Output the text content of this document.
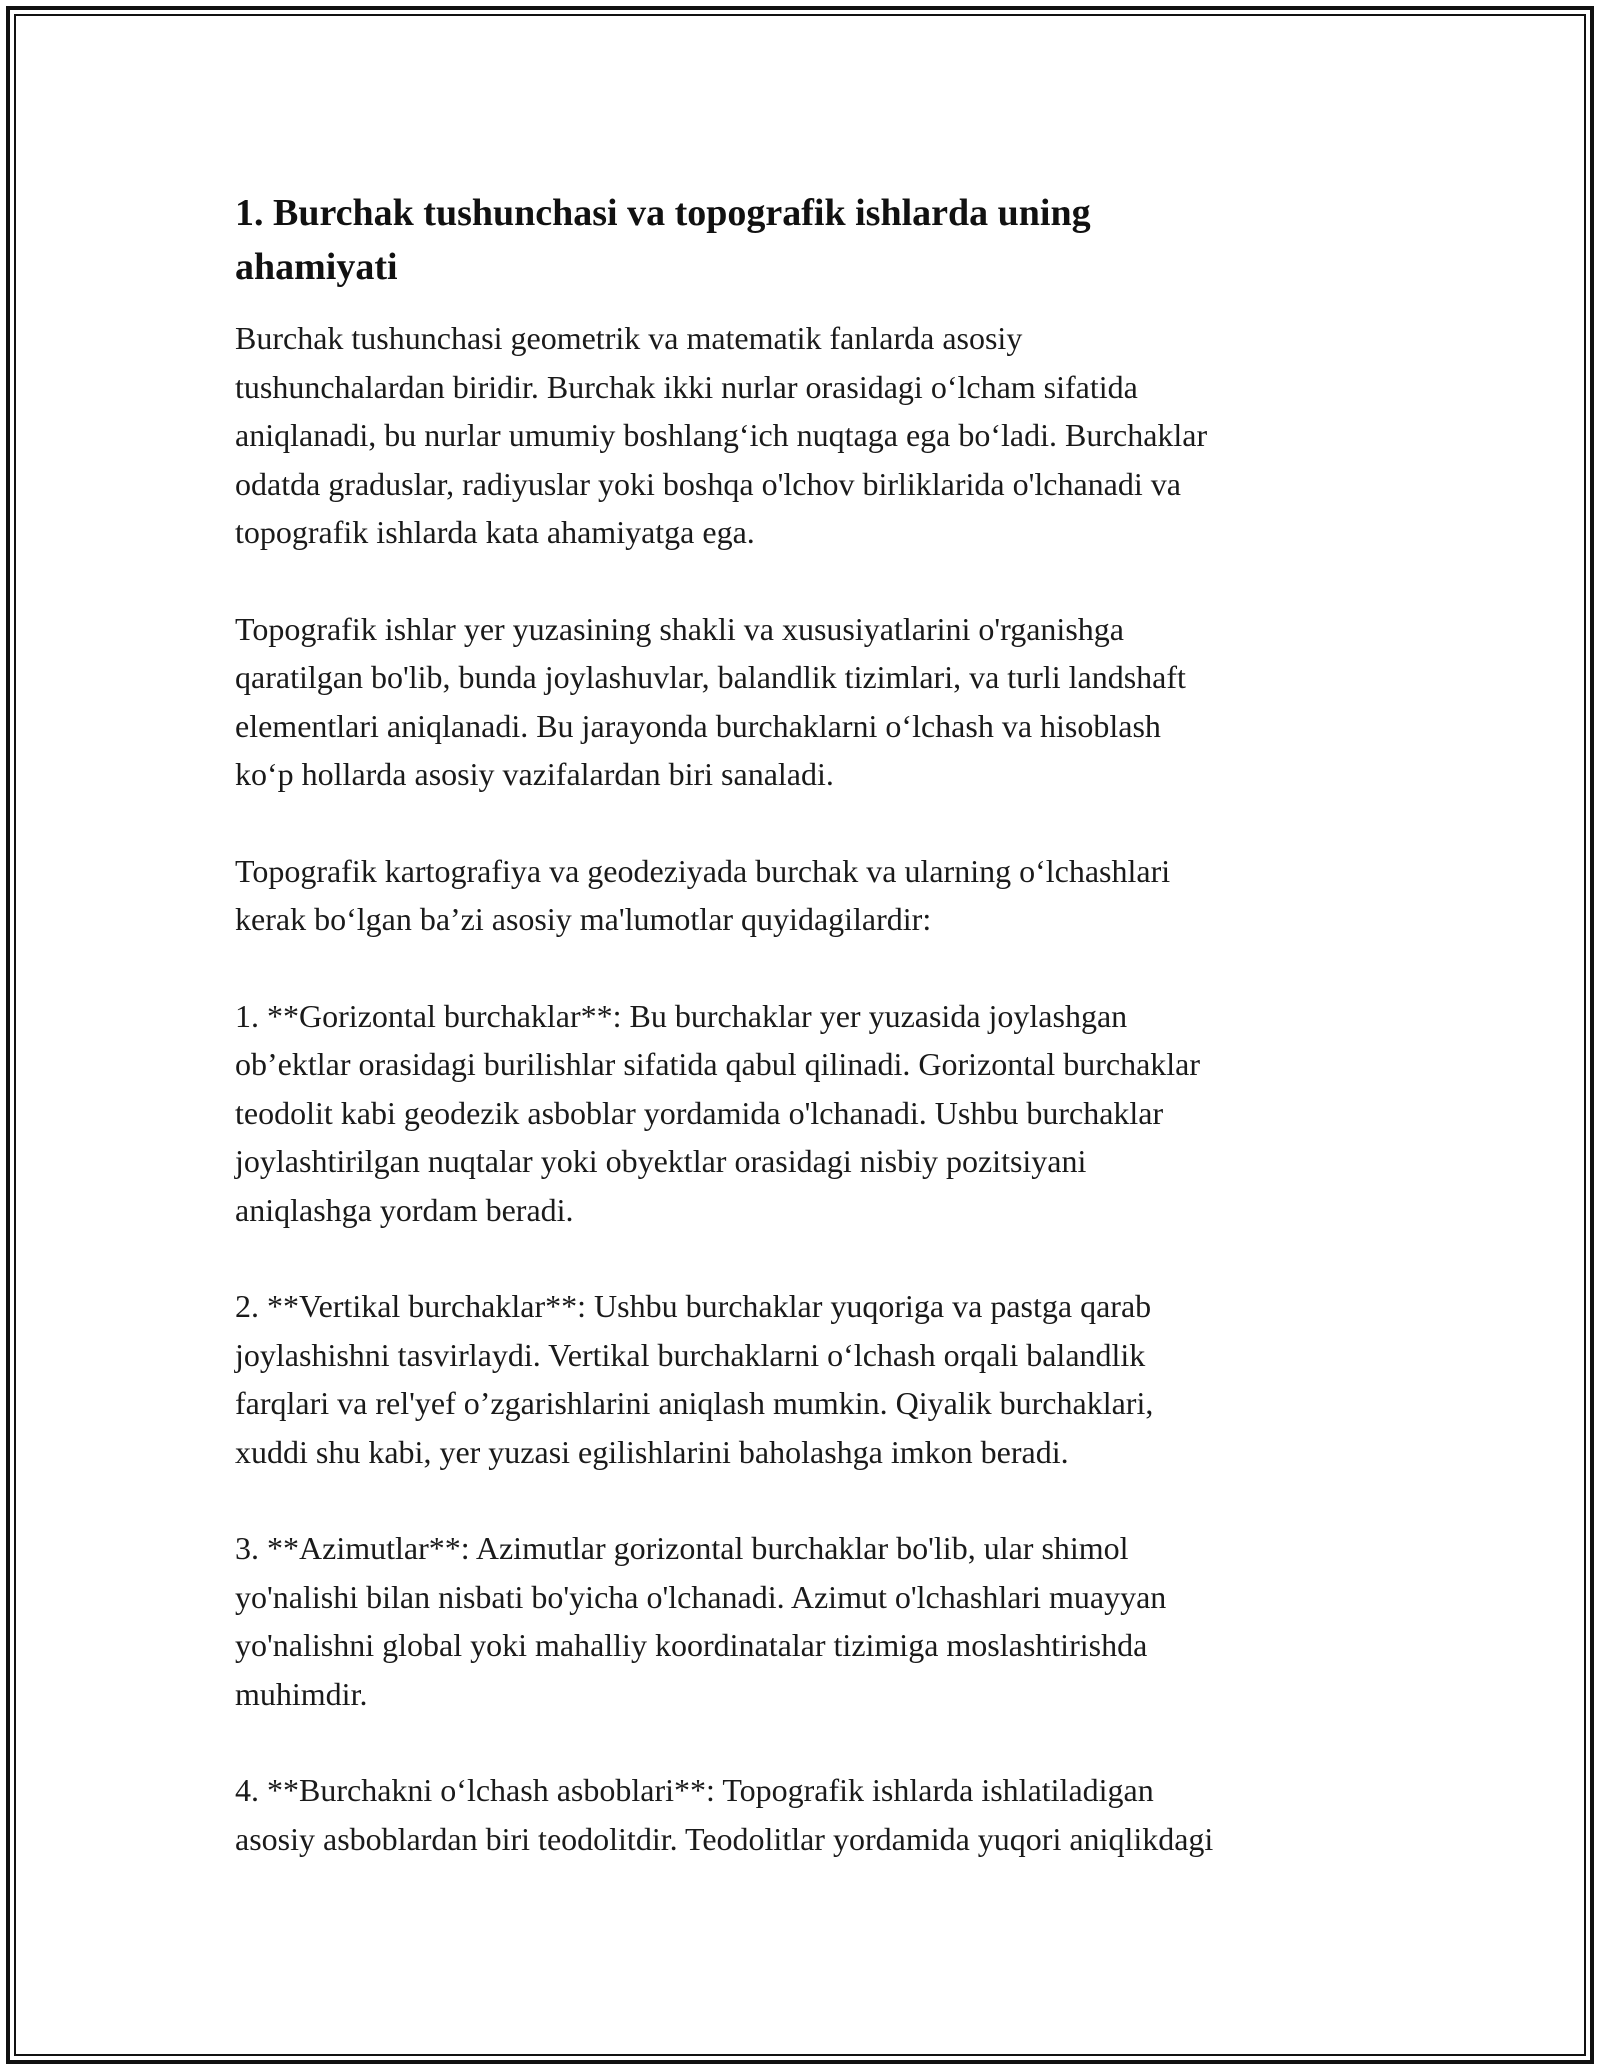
1. Burchak tushunchasi va topografik ishlarda uning
ahamiyati

Burchak tushunchasi geometrik va matematik fanlarda asosiy
tushunchalardan biridir. Burchak ikki nurlar orasidagi o‘lcham sifatida
aniqlanadi, bu nurlar umumiy boshlang‘ich nuqtaga ega bo‘ladi. Burchaklar
odatda graduslar, radiyuslar yoki boshqa o'lchov birliklarida o'lchanadi va
topografik ishlarda kata ahamiyatga ega.

Topografik ishlar yer yuzasining shakli va xususiyatlarini o'rganishga
qaratilgan bo'lib, bunda joylashuvlar, balandlik tizimlari, va turli landshaft
elementlari aniqlanadi. Bu jarayonda burchaklarni o‘lchash va hisoblash
ko‘p hollarda asosiy vazifalardan biri sanaladi.

Topografik kartografiya va geodeziyada burchak va ularning o‘lchashlari
kerak bo‘lgan ba’zi asosiy ma'lumotlar quyidagilardir:

1. **Gorizontal burchaklar**: Bu burchaklar yer yuzasida joylashgan
ob’ektlar orasidagi burilishlar sifatida qabul qilinadi. Gorizontal burchaklar
teodolit kabi geodezik asboblar yordamida o'lchanadi. Ushbu burchaklar
joylashtirilgan nuqtalar yoki obyektlar orasidagi nisbiy pozitsiyani
aniqlashga yordam beradi.

2. **Vertikal burchaklar**: Ushbu burchaklar yuqoriga va pastga qarab
joylashishni tasvirlaydi. Vertikal burchaklarni o‘lchash orqali balandlik
farqlari va rel'yef o’zgarishlarini aniqlash mumkin. Qiyalik burchaklari,
xuddi shu kabi, yer yuzasi egilishlarini baholashga imkon beradi.

3. **Azimutlar**: Azimutlar gorizontal burchaklar bo'lib, ular shimol
yo'nalishi bilan nisbati bo'yicha o'lchanadi. Azimut o'lchashlari muayyan
yo'nalishni global yoki mahalliy koordinatalar tizimiga moslashtirishda
muhimdir.

4. **Burchakni o‘lchash asboblari**: Topografik ishlarda ishlatiladigan
asosiy asboblardan biri teodolitdir. Teodolitlar yordamida yuqori aniqlikdagi
